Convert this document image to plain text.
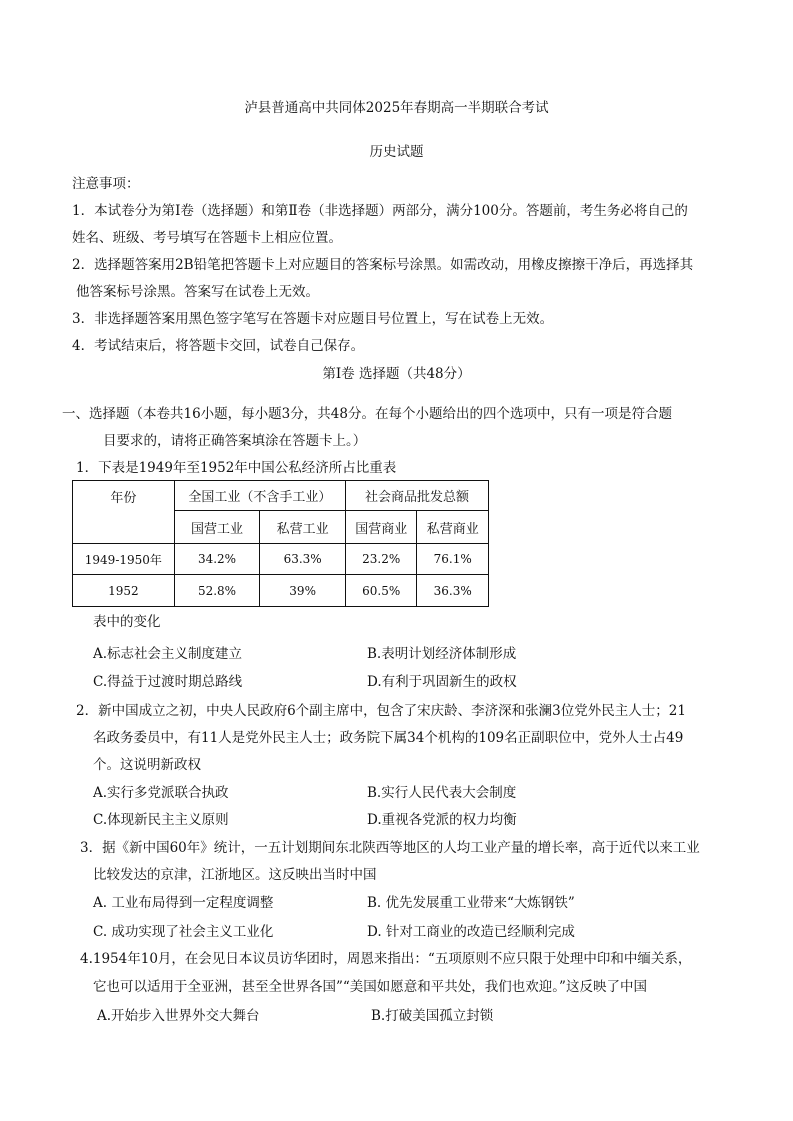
泸县普通高中共同体2025年春期高一半期联合考试
历史试题
注意事项：
1．本试卷分为第Ⅰ卷（选择题）和第Ⅱ卷（非选择题）两部分，满分100分。答题前，考生务必将自己的
姓名、班级、考号填写在答题卡上相应位置。
2．选择题答案用2B铅笔把答题卡上对应题目的答案标号涂黑。如需改动，用橡皮擦擦干净后，再选择其
他答案标号涂黑。答案写在试卷上无效。
3．非选择题答案用黑色签字笔写在答题卡对应题目号位置上，写在试卷上无效。
4．考试结束后，将答题卡交回，试卷自己保存。
第Ⅰ卷 选择题（共48分）
一、选择题（本卷共16小题，每小题3分，共48分。在每个小题给出的四个选项中，只有一项是符合题
目要求的，请将正确答案填涂在答题卡上。）
1．下表是1949年至1952年中国公私经济所占比重表
年份	全国工业（不含手工业）		社会商品批发总额	
	国营工业	私营工业	国营商业	私营商业
1949-1950年	34.2%	63.3%	23.2%	76.1%
1952	52.8%	39%	60.5%	36.3%
表中的变化
A.标志社会主义制度建立	B.表明计划经济体制形成
C.得益于过渡时期总路线	D.有利于巩固新生的政权
2．新中国成立之初，中央人民政府6个副主席中，包含了宋庆龄、李济深和张澜3位党外民主人士；21
名政务委员中，有11人是党外民主人士；政务院下属34个机构的109名正副职位中，党外人士占49
个。这说明新政权
A.实行多党派联合执政	B.实行人民代表大会制度
C.体现新民主主义原则	D.重视各党派的权力均衡
3．据《新中国60年》统计，一五计划期间东北陕西等地区的人均工业产量的增长率，高于近代以来工业
比较发达的京津，江浙地区。这反映出当时中国
A. 工业布局得到一定程度调整	B. 优先发展重工业带来“大炼钢铁”
C. 成功实现了社会主义工业化	D. 针对工商业的改造已经顺利完成
4.1954年10月，在会见日本议员访华团时，周恩来指出：“五项原则不应只限于处理中印和中缅关系，
它也可以适用于全亚洲，甚至全世界各国”“美国如愿意和平共处，我们也欢迎。”这反映了中国
A.开始步入世界外交大舞台	B.打破美国孤立封锁
